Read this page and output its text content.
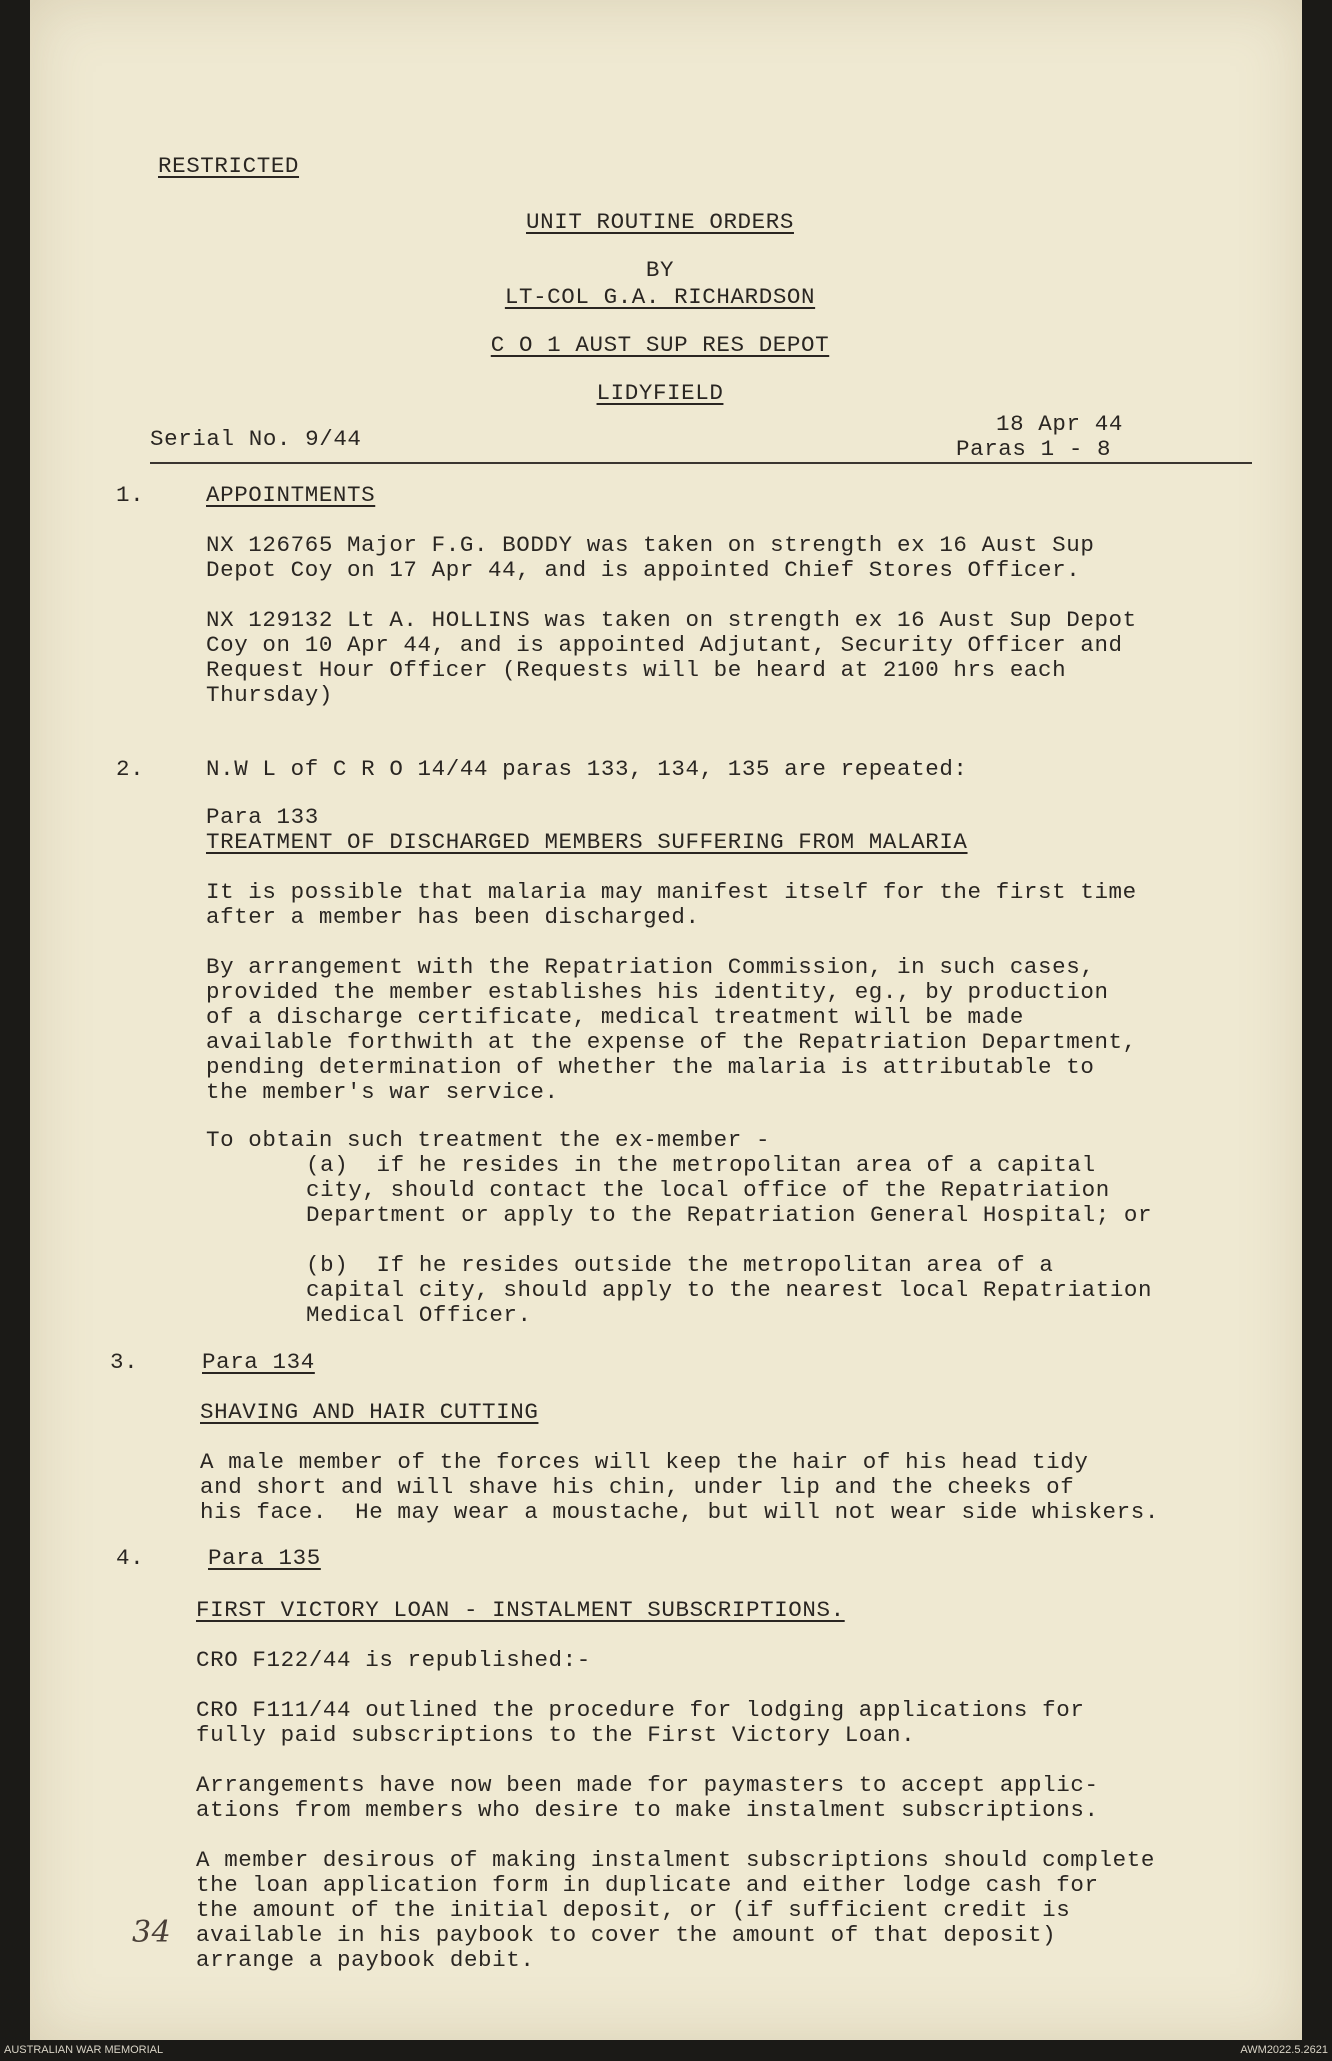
RESTRICTED
UNIT ROUTINE ORDERS
BY
LT-COL G.A. RICHARDSON
C O 1 AUST SUP RES DEPOT
LIDYFIELD
Serial No. 9/44
18 Apr 44
Paras 1 - 8
1.	APPOINTMENTS
NX 126765 Major F.G. BODDY was taken on strength ex 16 Aust Sup
Depot Coy on 17 Apr 44, and is appointed Chief Stores Officer.
NX 129132 Lt A. HOLLINS was taken on strength ex 16 Aust Sup Depot
Coy on 10 Apr 44, and is appointed Adjutant, Security Officer and
Request Hour Officer (Requests will be heard at 2100 hrs each
Thursday)
2.	N.W L of C R O 14/44 paras 133, 134, 135 are repeated:
Para 133
TREATMENT OF DISCHARGED MEMBERS SUFFERING FROM MALARIA
It is possible that malaria may manifest itself for the first time
after a member has been discharged.
By arrangement with the Repatriation Commission, in such cases,
provided the member establishes his identity, eg., by production
of a discharge certificate, medical treatment will be made
available forthwith at the expense of the Repatriation Department,
pending determination of whether the malaria is attributable to
the member's war service.
To obtain such treatment the ex-member -
(a)  if he resides in the metropolitan area of a capital
city, should contact the local office of the Repatriation
Department or apply to the Repatriation General Hospital; or
(b)  If he resides outside the metropolitan area of a
capital city, should apply to the nearest local Repatriation
Medical Officer.
3.	Para 134
SHAVING AND HAIR CUTTING
A male member of the forces will keep the hair of his head tidy
and short and will shave his chin, under lip and the cheeks of
his face.  He may wear a moustache, but will not wear side whiskers.
4.	Para 135
FIRST VICTORY LOAN - INSTALMENT SUBSCRIPTIONS.
CRO F122/44 is republished:-
CRO F111/44 outlined the procedure for lodging applications for
fully paid subscriptions to the First Victory Loan.
Arrangements have now been made for paymasters to accept applic-
ations from members who desire to make instalment subscriptions.
A member desirous of making instalment subscriptions should complete
the loan application form in duplicate and either lodge cash for
the amount of the initial deposit, or (if sufficient credit is
available in his paybook to cover the amount of that deposit)
arrange a paybook debit.
34
AUSTRALIAN WAR MEMORIAL	AWM2022.5.2621
